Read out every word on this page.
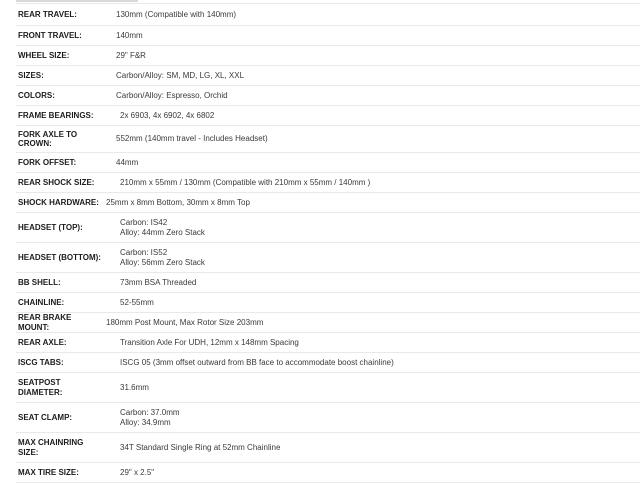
REAR TRAVEL:	130mm (Compatible with 140mm)
FRONT TRAVEL:	140mm
WHEEL SIZE:	29" F&R
SIZES:	Carbon/Alloy: SM, MD, LG, XL, XXL
COLORS:	Carbon/Alloy: Espresso, Orchid
FRAME BEARINGS:	2x 6903, 4x 6902, 4x 6802
FORK AXLE TO CROWN:
552mm (140mm travel - Includes Headset)
FORK OFFSET:	44mm
REAR SHOCK SIZE:	210mm x 55mm / 130mm (Compatible with 210mm x 55mm / 140mm )
SHOCK HARDWARE: 25mm x 8mm Bottom, 30mm x 8mm Top
HEADSET (TOP):
Carbon: IS42
Alloy: 44mm Zero Stack
HEADSET (BOTTOM):
Carbon: IS52
Alloy: 56mm Zero Stack
BB SHELL:	73mm BSA Threaded
CHAINLINE:	52-55mm
REAR BRAKE MOUNT:
180mm Post Mount, Max Rotor Size 203mm
REAR AXLE:	Transition Axle For UDH, 12mm x 148mm Spacing
ISCG TABS:	ISCG 05 (3mm offset outward from BB face to accommodate boost chainline)
SEATPOST DIAMETER:
31.6mm
SEAT CLAMP:
Carbon: 37.0mm
Alloy: 34.9mm
MAX CHAINRING SIZE:
34T Standard Single Ring at 52mm Chainline
MAX TIRE SIZE:	29" x 2.5"
